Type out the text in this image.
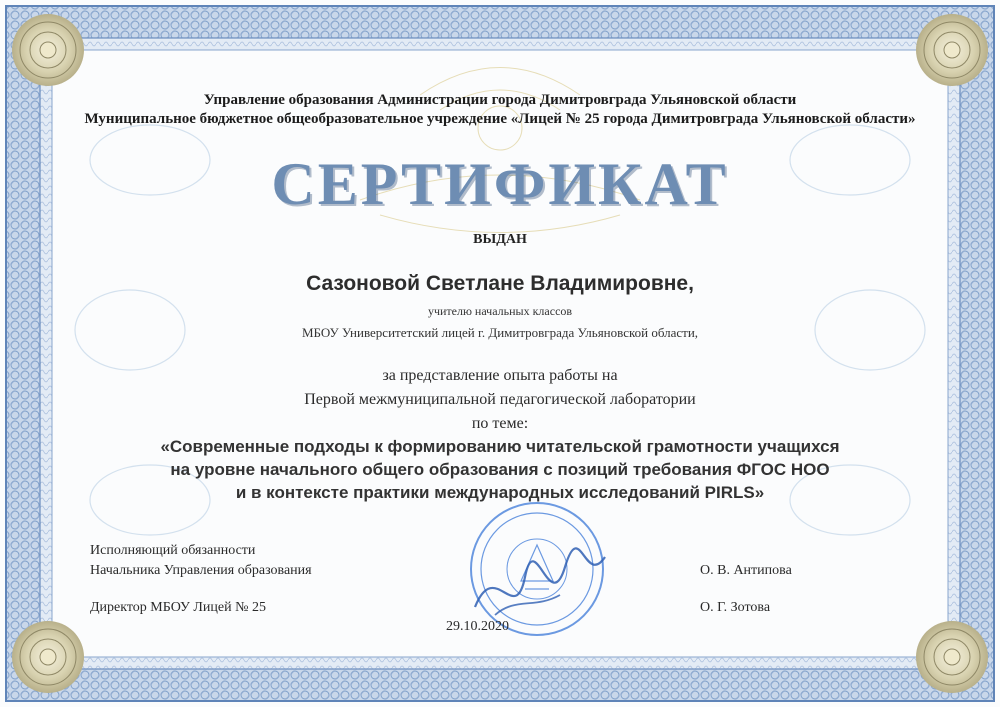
Управление образования Администрации города Димитровграда Ульяновской области
Муниципальное бюджетное общеобразовательное учреждение «Лицей № 25 города Димитровграда Ульяновской области»
СЕРТИФИКАТ
ВЫДАН
Сазоновой Светлане Владимировне,
учителю начальных классов
МБОУ Университетский лицей г. Димитровграда Ульяновской области,
за представление опыта работы на
Первой межмуниципальной педагогической лаборатории
по теме:
«Современные подходы к формированию читательской грамотности учащихся
на уровне начального общего образования с позиций требования ФГОС НОО
и в контексте практики международных исследований PIRLS»
Исполняющий обязанности
Начальника Управления образования	О. В. Антипова
Директор МБОУ Лицей № 25	О. Г. Зотова
29.10.2020
